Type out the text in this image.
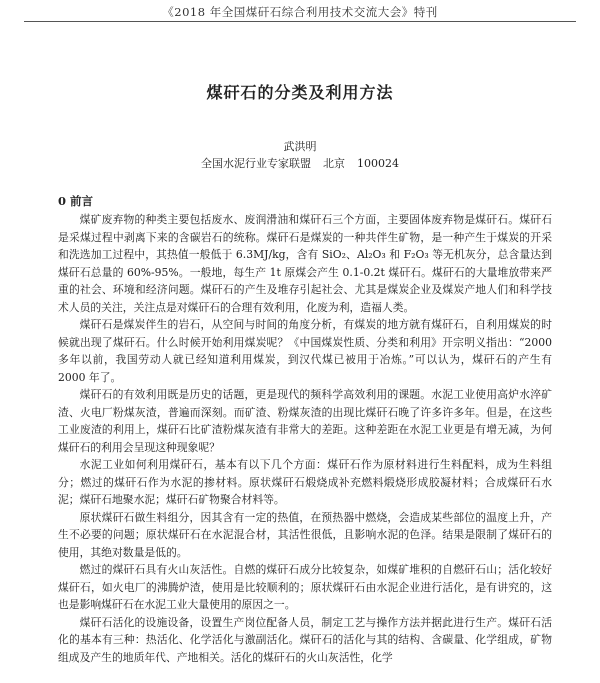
《2018 年全国煤矸石综合利用技术交流大会》特刊
煤矸石的分类及利用方法
武洪明
全国水泥行业专家联盟 北京 100024
0 前言

煤矿废弃物的种类主要包括废水、废润滑油和煤矸石三个方面，主要固体废弃物是煤矸石。煤矸石是采煤过程中剥离下来的含碳岩石的统称。煤矸石是煤炭的一种共伴生矿物，是一种产生于煤炭的开采和洗选加工过程中，其热值一般低于 6.3MJ/kg，含有 SiO₂、Al₂O₃ 和 F₂O₃ 等无机灰分，总含量达到煤矸石总量的 60%-95%。一般地，每生产 1t 原煤会产生 0.1-0.2t 煤矸石。煤矸石的大量堆放带来严重的社会、环境和经济问题。煤矸石的产生及堆存引起社会、尤其是煤炭企业及煤炭产地人们和科学技术人员的关注，关注点是对煤矸石的合理有效利用，化废为利，造福人类。

煤矸石是煤炭伴生的岩石，从空间与时间的角度分析，有煤炭的地方就有煤矸石，自利用煤炭的时候就出现了煤矸石。什么时候开始利用煤炭呢？《中国煤炭性质、分类和利用》开宗明义指出：“2000 多年以前，我国劳动人就已经知道利用煤炭，到汉代煤已被用于冶炼。”可以认为，煤矸石的产生有 2000 年了。

煤矸石的有效利用既是历史的话题，更是现代的频科学高效利用的课题。水泥工业使用高炉水淬矿渣、火电厂粉煤灰渣，普遍而深刻。而矿渣、粉煤灰渣的出现比煤矸石晚了许多许多年。但是，在这些工业废渣的利用上，煤矸石比矿渣粉煤灰渣有非常大的差距。这种差距在水泥工业更是有增无减，为何煤矸石的利用会呈现这种现象呢？

水泥工业如何利用煤矸石，基本有以下几个方面：煤矸石作为原材料进行生料配料，成为生料组分；燃过的煤矸石作为水泥的掺材料。原状煤矸石煅烧成补充燃料煅烧形成胶凝材料；合成煤矸石水泥；煤矸石地聚水泥；煤矸石矿物聚合材料等。

原状煤矸石做生料组分，因其含有一定的热值，在预热器中燃烧，会造成某些部位的温度上升，产生不必要的问题；原状煤矸石在水泥混合材，其活性很低，且影响水泥的色泽。结果是限制了煤矸石的使用，其绝对数量是低的。

燃过的煤矸石具有火山灰活性。自燃的煤矸石成分比较复杂，如煤矿堆积的自燃矸石山；活化较好煤矸石，如火电厂的沸腾炉渣，使用是比较顺利的；原状煤矸石由水泥企业进行活化，是有讲究的，这也是影响煤矸石在水泥工业大量使用的原因之一。

煤矸石活化的设施设备，设置生产岗位配备人员，制定工艺与操作方法并据此进行生产。煤矸石活化的基本有三种：热活化、化学活化与激副活化。煤矸石的活化与其的结构、含碳量、化学组成，矿物组成及产生的地质年代、产地相关。活化的煤矸石的火山灰活性，化学
